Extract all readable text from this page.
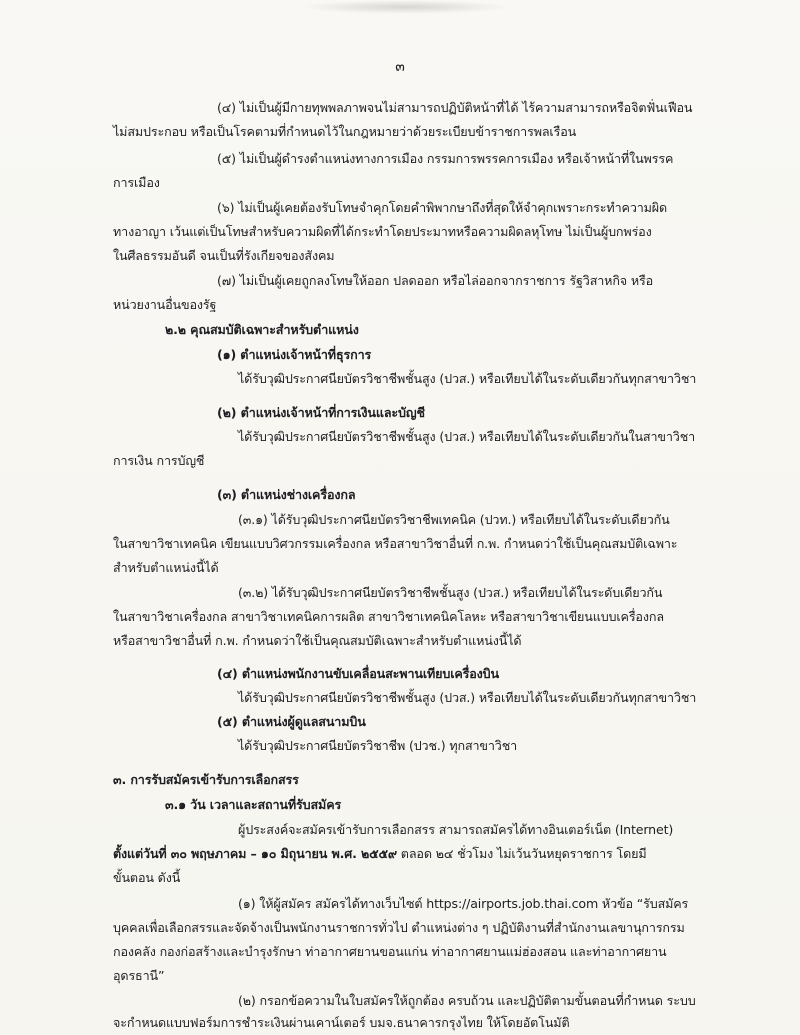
๓
(๔) ไม่เป็นผู้มีกายทุพพลภาพจนไม่สามารถปฏิบัติหน้าที่ได้ ไร้ความสามารถหรือจิตฟั่นเฟือน
ไม่สมประกอบ หรือเป็นโรคตามที่กำหนดไว้ในกฎหมายว่าด้วยระเบียบข้าราชการพลเรือน
(๕) ไม่เป็นผู้ดำรงตำแหน่งทางการเมือง กรรมการพรรคการเมือง หรือเจ้าหน้าที่ในพรรค
การเมือง
(๖) ไม่เป็นผู้เคยต้องรับโทษจำคุกโดยคำพิพากษาถึงที่สุดให้จำคุกเพราะกระทำความผิด
ทางอาญา เว้นแต่เป็นโทษสำหรับความผิดที่ได้กระทำโดยประมาทหรือความผิดลหุโทษ ไม่เป็นผู้บกพร่อง
ในศีลธรรมอันดี จนเป็นที่รังเกียจของสังคม
(๗) ไม่เป็นผู้เคยถูกลงโทษให้ออก ปลดออก หรือไล่ออกจากราชการ รัฐวิสาหกิจ หรือ
หน่วยงานอื่นของรัฐ
๒.๒ คุณสมบัติเฉพาะสำหรับตำแหน่ง
(๑) ตำแหน่งเจ้าหน้าที่ธุรการ
ได้รับวุฒิประกาศนียบัตรวิชาชีพชั้นสูง (ปวส.) หรือเทียบได้ในระดับเดียวกันทุกสาขาวิชา
(๒) ตำแหน่งเจ้าหน้าที่การเงินและบัญชี
ได้รับวุฒิประกาศนียบัตรวิชาชีพชั้นสูง (ปวส.) หรือเทียบได้ในระดับเดียวกันในสาขาวิชา
การเงิน การบัญชี
(๓) ตำแหน่งช่างเครื่องกล
(๓.๑) ได้รับวุฒิประกาศนียบัตรวิชาชีพเทคนิค (ปวท.) หรือเทียบได้ในระดับเดียวกัน
ในสาขาวิชาเทคนิค เขียนแบบวิศวกรรมเครื่องกล หรือสาขาวิชาอื่นที่ ก.พ. กำหนดว่าใช้เป็นคุณสมบัติเฉพาะ
สำหรับตำแหน่งนี้ได้
(๓.๒) ได้รับวุฒิประกาศนียบัตรวิชาชีพชั้นสูง (ปวส.) หรือเทียบได้ในระดับเดียวกัน
ในสาขาวิชาเครื่องกล สาขาวิชาเทคนิคการผลิต สาขาวิชาเทคนิคโลหะ หรือสาขาวิชาเขียนแบบเครื่องกล
หรือสาขาวิชาอื่นที่ ก.พ. กำหนดว่าใช้เป็นคุณสมบัติเฉพาะสำหรับตำแหน่งนี้ได้
(๔) ตำแหน่งพนักงานขับเคลื่อนสะพานเทียบเครื่องบิน
ได้รับวุฒิประกาศนียบัตรวิชาชีพชั้นสูง (ปวส.) หรือเทียบได้ในระดับเดียวกันทุกสาขาวิชา
(๕) ตำแหน่งผู้ดูแลสนามบิน
ได้รับวุฒิประกาศนียบัตรวิชาชีพ (ปวช.) ทุกสาขาวิชา
๓. การรับสมัครเข้ารับการเลือกสรร
๓.๑ วัน เวลาและสถานที่รับสมัคร
ผู้ประสงค์จะสมัครเข้ารับการเลือกสรร สามารถสมัครได้ทางอินเตอร์เน็ต (Internet)
ตั้งแต่วันที่ ๓๐ พฤษภาคม – ๑๐ มิถุนายน พ.ศ. ๒๕๕๙ ตลอด ๒๔ ชั่วโมง ไม่เว้นวันหยุดราชการ โดยมี
ขั้นตอน ดังนี้
(๑) ให้ผู้สมัคร สมัครได้ทางเว็บไซต์ https://airports.job.thai.com หัวข้อ “รับสมัคร
บุคคลเพื่อเลือกสรรและจัดจ้างเป็นพนักงานราชการทั่วไป ตำแหน่งต่าง ๆ ปฏิบัติงานที่สำนักงานเลขานุการกรม
กองคลัง กองก่อสร้างและบำรุงรักษา ท่าอากาศยานขอนแก่น ท่าอากาศยานแม่ฮ่องสอน และท่าอากาศยาน
อุดรธานี”
(๒) กรอกข้อความในใบสมัครให้ถูกต้อง ครบถ้วน และปฏิบัติตามขั้นตอนที่กำหนด ระบบ
จะกำหนดแบบฟอร์มการชำระเงินผ่านเคาน์เตอร์ บมจ.ธนาคารกรุงไทย ให้โดยอัตโนมัติ
